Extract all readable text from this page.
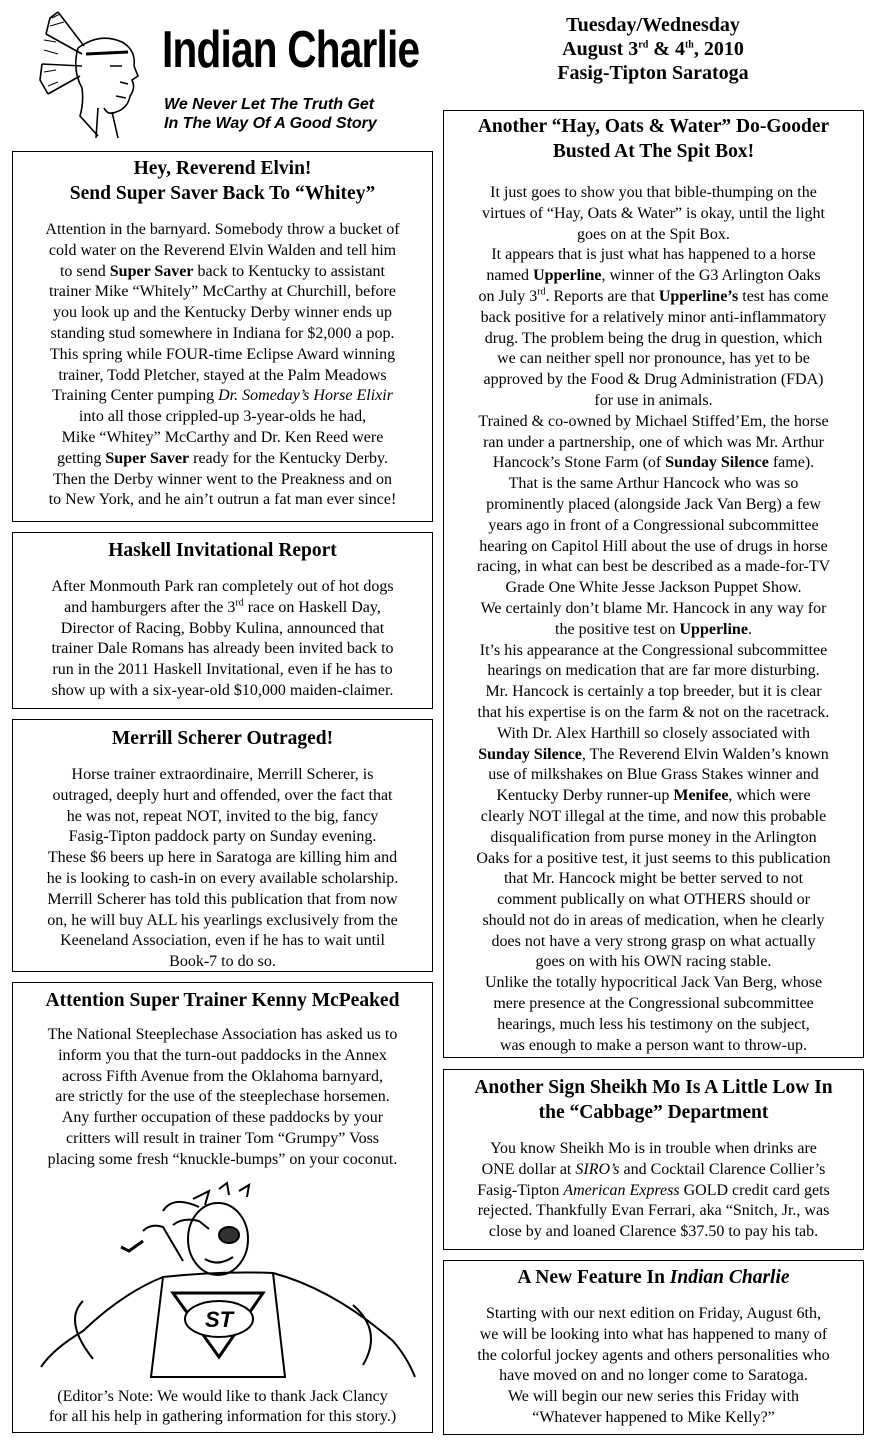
Indian Charlie
We Never Let The Truth Get
In The Way Of A Good Story
Tuesday/Wednesday
August 3rd & 4th, 2010
Fasig-Tipton Saratoga
Hey, Reverend Elvin!
Send Super Saver Back To “Whitey”

Attention in the barnyard. Somebody throw a bucket of
cold water on the Reverend Elvin Walden and tell him
to send Super Saver back to Kentucky to assistant
trainer Mike “Whitely” McCarthy at Churchill, before
you look up and the Kentucky Derby winner ends up
standing stud somewhere in Indiana for $2,000 a pop.
This spring while FOUR-time Eclipse Award winning
trainer, Todd Pletcher, stayed at the Palm Meadows
Training Center pumping Dr. Someday’s Horse Elixir
into all those crippled-up 3-year-olds he had,
Mike “Whitey” McCarthy and Dr. Ken Reed were
getting Super Saver ready for the Kentucky Derby.
Then the Derby winner went to the Preakness and on
to New York, and he ain’t outrun a fat man ever since!

Haskell Invitational Report

After Monmouth Park ran completely out of hot dogs
and hamburgers after the 3rd race on Haskell Day,
Director of Racing, Bobby Kulina, announced that
trainer Dale Romans has already been invited back to
run in the 2011 Haskell Invitational, even if he has to
show up with a six-year-old $10,000 maiden-claimer.

Merrill Scherer Outraged!

Horse trainer extraordinaire, Merrill Scherer, is
outraged, deeply hurt and offended, over the fact that
he was not, repeat NOT, invited to the big, fancy
Fasig-Tipton paddock party on Sunday evening.
These $6 beers up here in Saratoga are killing him and
he is looking to cash-in on every available scholarship.
Merrill Scherer has told this publication that from now
on, he will buy ALL his yearlings exclusively from the
Keeneland Association, even if he has to wait until
Book-7 to do so.

Attention Super Trainer Kenny McPeaked

The National Steeplechase Association has asked us to
inform you that the turn-out paddocks in the Annex
across Fifth Avenue from the Oklahoma barnyard,
are strictly for the use of the steeplechase horsemen.
Any further occupation of these paddocks by your
critters will result in trainer Tom “Grumpy” Voss
placing some fresh “knuckle-bumps” on your coconut.

ST

(Editor’s Note: We would like to thank Jack Clancy
for all his help in gathering information for this story.)

Another “Hay, Oats & Water” Do-Gooder
Busted At The Spit Box!

It just goes to show you that bible-thumping on the
virtues of “Hay, Oats & Water” is okay, until the light
goes on at the Spit Box.
It appears that is just what has happened to a horse
named Upperline, winner of the G3 Arlington Oaks
on July 3rd. Reports are that Upperline’s test has come
back positive for a relatively minor anti-inflammatory
drug. The problem being the drug in question, which
we can neither spell nor pronounce, has yet to be
approved by the Food & Drug Administration (FDA)
for use in animals.
Trained & co-owned by Michael Stiffed’Em, the horse
ran under a partnership, one of which was Mr. Arthur
Hancock’s Stone Farm (of Sunday Silence fame).
That is the same Arthur Hancock who was so
prominently placed (alongside Jack Van Berg) a few
years ago in front of a Congressional subcommittee
hearing on Capitol Hill about the use of drugs in horse
racing, in what can best be described as a made-for-TV
Grade One White Jesse Jackson Puppet Show.
We certainly don’t blame Mr. Hancock in any way for
the positive test on Upperline.
It’s his appearance at the Congressional subcommittee
hearings on medication that are far more disturbing.
Mr. Hancock is certainly a top breeder, but it is clear
that his expertise is on the farm & not on the racetrack.
With Dr. Alex Harthill so closely associated with
Sunday Silence, The Reverend Elvin Walden’s known
use of milkshakes on Blue Grass Stakes winner and
Kentucky Derby runner-up Menifee, which were
clearly NOT illegal at the time, and now this probable
disqualification from purse money in the Arlington
Oaks for a positive test, it just seems to this publication
that Mr. Hancock might be better served to not
comment publically on what OTHERS should or
should not do in areas of medication, when he clearly
does not have a very strong grasp on what actually
goes on with his OWN racing stable.
Unlike the totally hypocritical Jack Van Berg, whose
mere presence at the Congressional subcommittee
hearings, much less his testimony on the subject,
was enough to make a person want to throw-up.

Another Sign Sheikh Mo Is A Little Low In
the “Cabbage” Department

You know Sheikh Mo is in trouble when drinks are
ONE dollar at SIRO’s and Cocktail Clarence Collier’s
Fasig-Tipton American Express GOLD credit card gets
rejected. Thankfully Evan Ferrari, aka “Snitch, Jr., was
close by and loaned Clarence $37.50 to pay his tab.

A New Feature In Indian Charlie

Starting with our next edition on Friday, August 6th,
we will be looking into what has happened to many of
the colorful jockey agents and others personalities who
have moved on and no longer come to Saratoga.
We will begin our new series this Friday with
“Whatever happened to Mike Kelly?”
